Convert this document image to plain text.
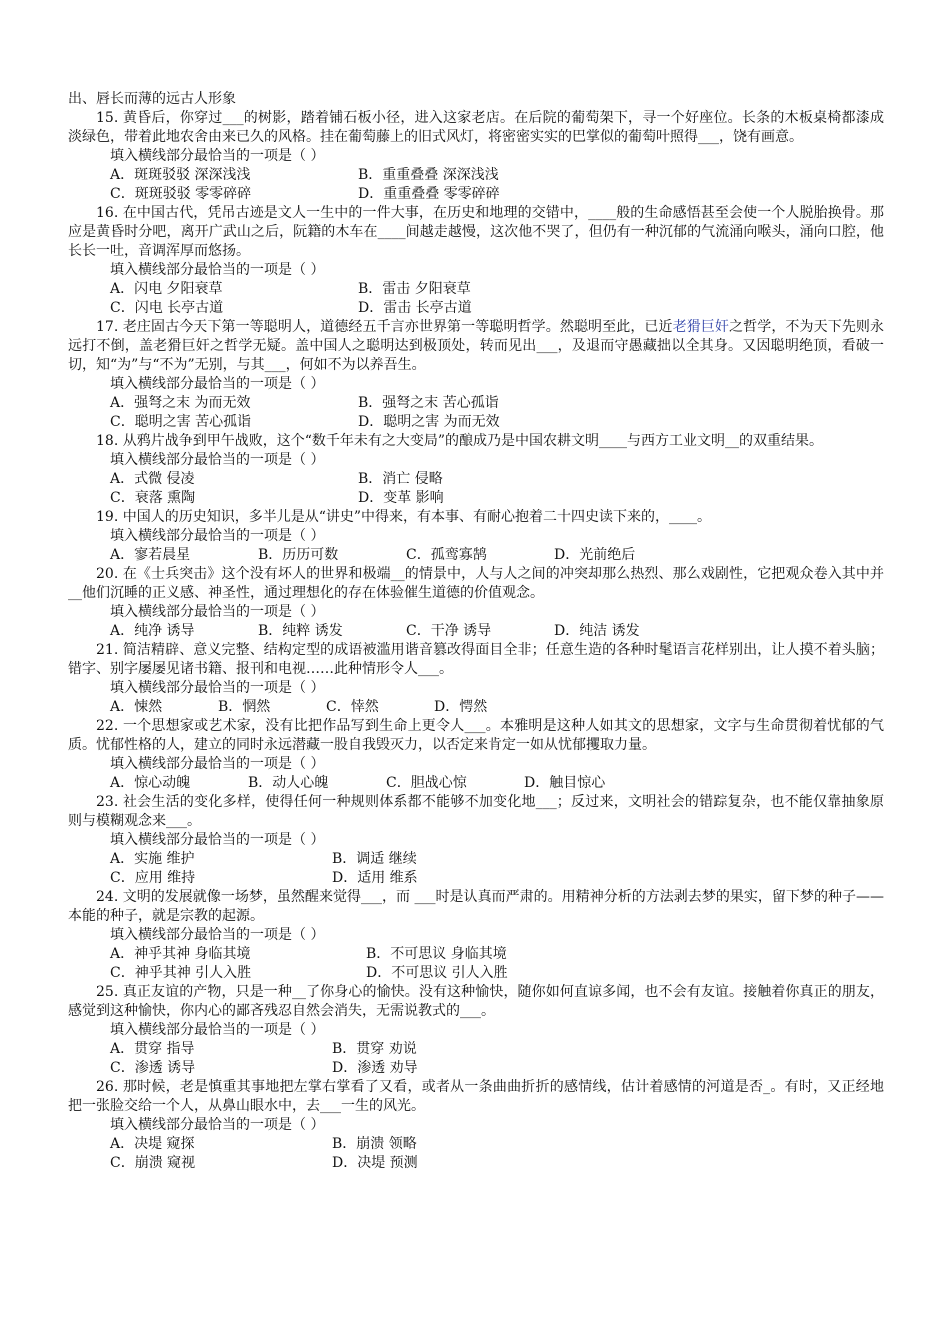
出、唇长而薄的远古人形象

15. 黄昏后，你穿过___的树影，踏着铺石板小径，进入这家老店。在后院的葡萄架下，寻一个好座位。长条的木板桌椅都漆成淡绿色，带着此地农舍由来已久的风格。挂在葡萄藤上的旧式风灯，将密密实实的巴掌似的葡萄叶照得___，饶有画意。

填入横线部分最恰当的一项是（ ）

A．斑斑驳驳 深深浅浅	B．重重叠叠 深深浅浅
C．斑斑驳驳 零零碎碎	D．重重叠叠 零零碎碎

16. 在中国古代，凭吊古迹是文人一生中的一件大事，在历史和地理的交错中，____般的生命感悟甚至会使一个人脱胎换骨。那应是黄昏时分吧，离开广武山之后，阮籍的木车在____间越走越慢，这次他不哭了，但仍有一种沉郁的气流涌向喉头，涌向口腔，他长长一吐，音调浑厚而悠扬。

填入横线部分最恰当的一项是（ ）

A．闪电 夕阳衰草	B．雷击 夕阳衰草
C．闪电 长亭古道	D．雷击 长亭古道

17. 老庄固古今天下第一等聪明人，道德经五千言亦世界第一等聪明哲学。然聪明至此，已近老猾巨奸之哲学，不为天下先则永远打不倒，盖老猾巨奸之哲学无疑。盖中国人之聪明达到极顶处，转而见出___，及退而守愚藏拙以全其身。又因聪明绝顶，看破一切，知“为”与“不为”无别，与其___，何如不为以养吾生。

填入横线部分最恰当的一项是（ ）

A．强弩之末 为而无效	B．强弩之末 苦心孤诣
C．聪明之害 苦心孤诣	D．聪明之害 为而无效

18. 从鸦片战争到甲午战败，这个“数千年未有之大变局”的酿成乃是中国农耕文明____与西方工业文明__的双重结果。

填入横线部分最恰当的一项是（ ）

A．式微 侵凌	B．消亡 侵略
C．衰落 熏陶	D．变革 影响

19. 中国人的历史知识，多半儿是从“讲史”中得来，有本事、有耐心抱着二十四史读下来的，____。

填入横线部分最恰当的一项是（ ）

A．寥若晨星	B．历历可数	C．孤鸾寡鹄	D．光前绝后

20. 在《士兵突击》这个没有坏人的世界和极端__的情景中，人与人之间的冲突却那么热烈、那么戏剧性，它把观众卷入其中并__他们沉睡的正义感、神圣性，通过理想化的存在体验催生道德的价值观念。

填入横线部分最恰当的一项是（ ）

A．纯净 诱导	B．纯粹 诱发	C．干净 诱导	D．纯洁 诱发

21. 简洁精辟、意义完整、结构定型的成语被滥用谐音篡改得面目全非；任意生造的各种时髦语言花样别出，让人摸不着头脑；错字、别字屡屡见诸书籍、报刊和电视……此种情形令人___。

填入横线部分最恰当的一项是（ ）

A．悚然	B．惘然	C．悻然	D．愕然

22. 一个思想家或艺术家，没有比把作品写到生命上更令人___。本雅明是这种人如其文的思想家，文字与生命贯彻着忧郁的气质。忧郁性格的人，建立的同时永远潜藏一股自我毁灭力，以否定来肯定一如从忧郁攫取力量。

填入横线部分最恰当的一项是（ ）

A．惊心动魄	B．动人心魄	C．胆战心惊	D．触目惊心

23. 社会生活的变化多样，使得任何一种规则体系都不能够不加变化地___；反过来，文明社会的错踪复杂，也不能仅靠抽象原则与模糊观念来___。

填入横线部分最恰当的一项是（ ）

A．实施 维护	B．调适 继续
C．应用 维持	D．适用 维系

24. 文明的发展就像一场梦，虽然醒来觉得___，而 ___时是认真而严肃的。用精神分析的方法剥去梦的果实，留下梦的种子——本能的种子，就是宗教的起源。

填入横线部分最恰当的一项是（ ）

A．神乎其神 身临其境	B．不可思议 身临其境
C．神乎其神 引人入胜	D．不可思议 引人入胜

25. 真正友谊的产物，只是一种__了你身心的愉快。没有这种愉快，随你如何直谅多闻，也不会有友谊。接触着你真正的朋友，感觉到这种愉快，你内心的鄙吝残忍自然会消失，无需说教式的___。

填入横线部分最恰当的一项是（ ）

A．贯穿 指导	B．贯穿 劝说
C．渗透 诱导	D．渗透 劝导

26. 那时候，老是慎重其事地把左掌右掌看了又看，或者从一条曲曲折折的感情线，估计着感情的河道是否_。有时，又正经地把一张脸交给一个人，从鼻山眼水中，去___一生的风光。

填入横线部分最恰当的一项是（ ）

A．决堤 窥探	B．崩溃 领略
C．崩溃 窥视	D．决堤 预测
